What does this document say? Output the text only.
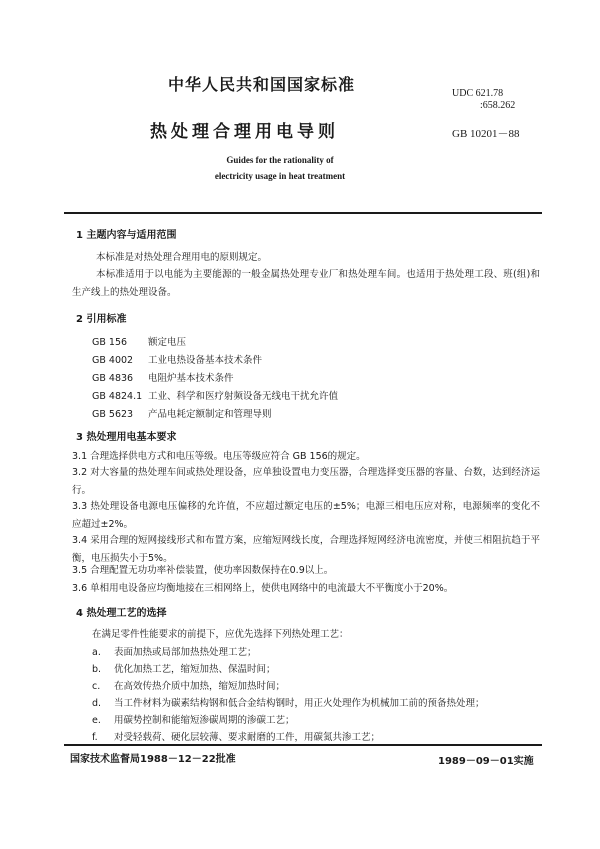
中华人民共和国国家标准	UDC 621.78
:658.262
热处理合理用电导则	GB 10201－88
Guides for the rationality of
electricity usage in heat treatment
1 主题内容与适用范围
本标准是对热处理合理用电的原则规定。
本标准适用于以电能为主要能源的一般金属热处理专业厂和热处理车间。也适用于热处理工段、班(组)和生产线上的热处理设备。
2 引用标准
GB 156 额定电压
GB 4002 工业电热设备基本技术条件
GB 4836 电阻炉基本技术条件
GB 4824.1 工业、科学和医疗射频设备无线电干扰允许值
GB 5623 产品电耗定额制定和管理导则
3 热处理用电基本要求
3.1 合理选择供电方式和电压等级。电压等级应符合 GB 156的规定。
3.2 对大容量的热处理车间或热处理设备，应单独设置电力变压器，合理选择变压器的容量、台数，达到经济运行。
3.3 热处理设备电源电压偏移的允许值，不应超过额定电压的±5%；电源三相电压应对称，电源频率的变化不应超过±2%。
3.4 采用合理的短网接线形式和布置方案，应缩短网线长度，合理选择短网经济电流密度，并使三相阻抗趋于平衡，电压损失小于5%。
3.5 合理配置无功功率补偿装置，使功率因数保持在0.9以上。
3.6 单相用电设备应均衡地接在三相网络上，使供电网络中的电流最大不平衡度小于20%。
4 热处理工艺的选择
在满足零件性能要求的前提下，应优先选择下列热处理工艺：
a. 表面加热或局部加热热处理工艺；
b. 优化加热工艺，缩短加热、保温时间；
c. 在高效传热介质中加热，缩短加热时间；
d. 当工件材料为碳素结构钢和低合金结构钢时，用正火处理作为机械加工前的预备热处理；
e. 用碳势控制和能缩短渗碳周期的渗碳工艺；
f. 对受轻载荷、硬化层较薄、要求耐磨的工件，用碳氮共渗工艺；
国家技术监督局1988－12－22批准	1989－09－01实施
